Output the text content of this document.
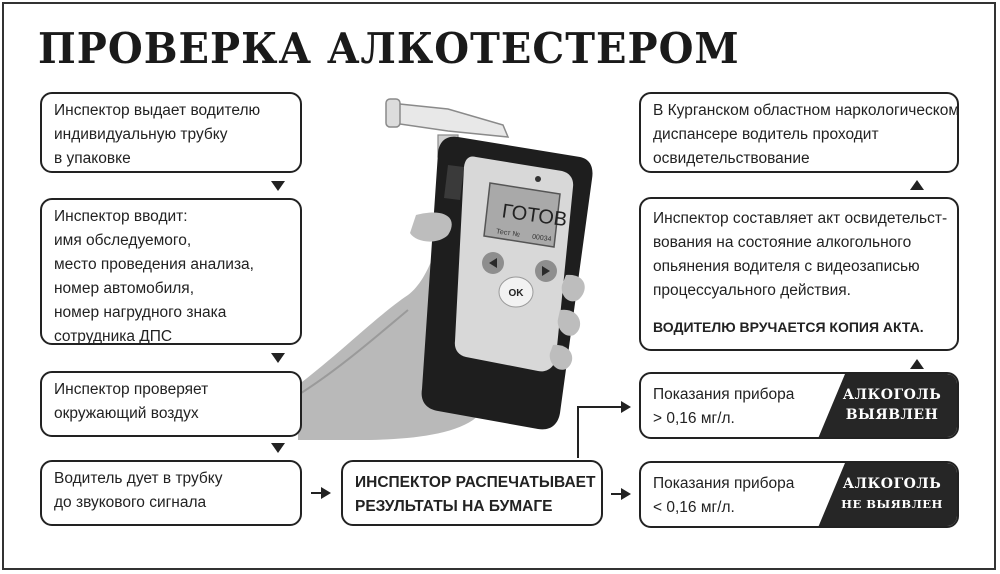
ПРОВЕРКА АЛКОТЕСТЕРОМ
ГОТОВ
Тест № 00034
OK
Инспектор выдает водителю
индивидуальную трубку
в упаковке
Инспектор вводит:
имя обследуемого,
место проведения анализа,
номер автомобиля,
номер нагрудного знака
сотрудника ДПС
Инспектор проверяет
окружающий воздух
Водитель дует в трубку
до звукового сигнала
ИНСПЕКТОР РАСПЕЧАТЫВАЕТ
РЕЗУЛЬТАТЫ НА БУМАГЕ
Показания прибора
> 0,16 мг/л.
АЛКОГОЛЬ
ВЫЯВЛЕН
Показания прибора
< 0,16 мг/л.
АЛКОГОЛЬ
НЕ ВЫЯВЛЕН
Инспектор составляет акт освидетельст-
вования на состояние алкогольного
опьянения водителя с видеозаписью
процессуального действия.
ВОДИТЕЛЮ ВРУЧАЕТСЯ КОПИЯ АКТА.
В Курганском областном наркологическом
диспансере водитель проходит
освидетельствование
